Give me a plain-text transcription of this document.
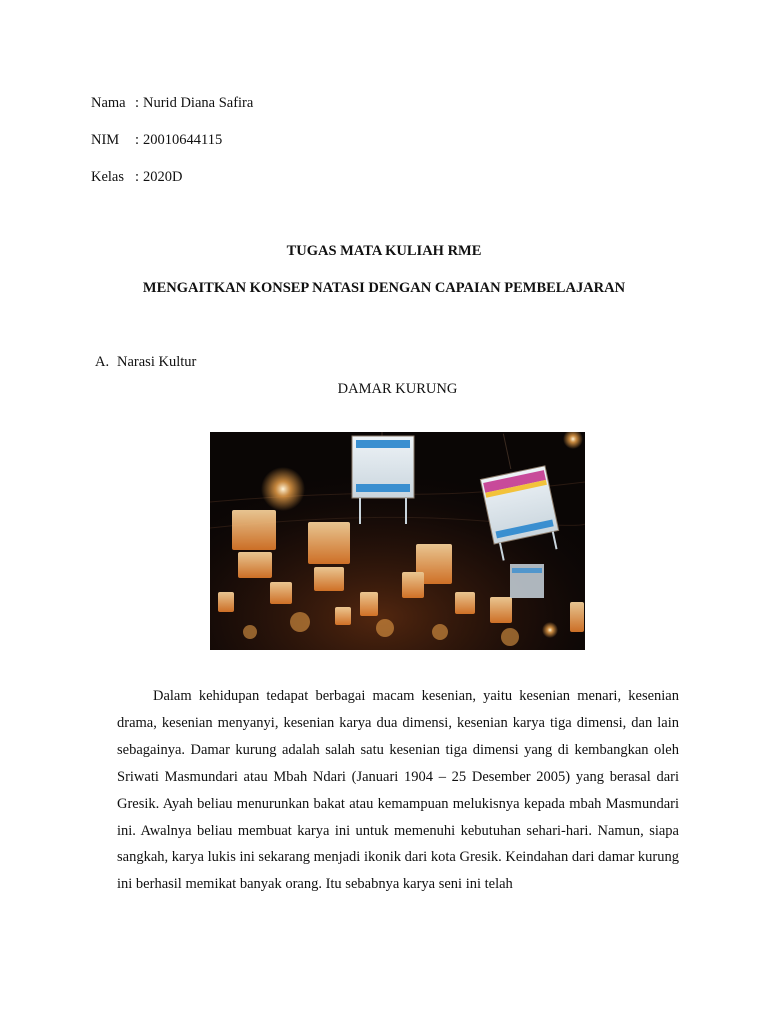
Nama : Nurid Diana Safira
NIM : 20010644115
Kelas : 2020D
TUGAS MATA KULIAH RME
MENGAITKAN KONSEP NATASI DENGAN CAPAIAN PEMBELAJARAN
A. Narasi Kultur
DAMAR KURUNG

Dalam kehidupan tedapat berbagai macam kesenian, yaitu kesenian menari, kesenian drama, kesenian menyanyi, kesenian karya dua dimensi, kesenian karya tiga dimensi, dan lain sebagainya. Damar kurung adalah salah satu kesenian tiga dimensi yang di kembangkan oleh Sriwati Masmundari atau Mbah Ndari (Januari 1904 – 25 Desember 2005) yang berasal dari Gresik. Ayah beliau menurunkan bakat atau kemampuan melukisnya kepada mbah Masmundari ini. Awalnya beliau membuat karya ini untuk memenuhi kebutuhan sehari-hari. Namun, siapa sangkah, karya lukis ini sekarang menjadi ikonik dari kota Gresik. Keindahan dari damar kurung ini berhasil memikat banyak orang. Itu sebabnya karya seni ini telah
